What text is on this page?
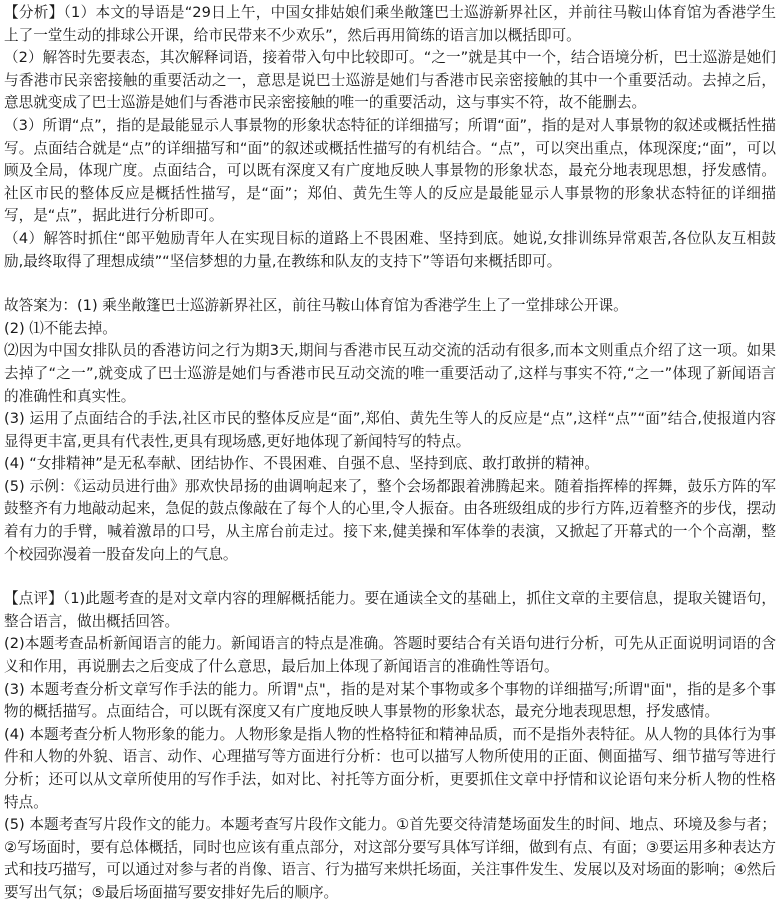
【分析】（1）本文的导语是“29日上午，中国女排姑娘们乘坐敞篷巴士巡游新界社区，并前往马鞍山体育馆为香港学生上了一堂生动的排球公开课，给市民带来不少欢乐”，然后再用简练的语言加以概括即可。

（2）解答时先要表态，其次解释词语，接着带入句中比较即可。“之一”就是其中一个，结合语境分析，巴士巡游是她们与香港市民亲密接触的重要活动之一，意思是说巴士巡游是她们与香港市民亲密接触的其中一个重要活动。去掉之后，意思就变成了巴士巡游是她们与香港市民亲密接触的唯一的重要活动，这与事实不符，故不能删去。

（3）所谓“点”，指的是最能显示人事景物的形象状态特征的详细描写；所谓“面”，指的是对人事景物的叙述或概括性描写。点面结合就是“点”的详细描写和“面”的叙述或概括性描写的有机结合。“点”，可以突出重点，体现深度;“面”，可以顾及全局，体现广度。点面结合，可以既有深度又有广度地反映人事景物的形象状态，最充分地表现思想，抒发感情。社区市民的整体反应是概括性描写，是“面”；郑伯、黄先生等人的反应是最能显示人事景物的形象状态特征的详细描写，是“点”，据此进行分析即可。

（4）解答时抓住“郎平勉励青年人在实现目标的道路上不畏困难、坚持到底。她说,女排训练异常艰苦,各位队友互相鼓励,最终取得了理想成绩”“坚信梦想的力量,在教练和队友的支持下”等语句来概括即可。

故答案为：(1) 乘坐敞篷巴士巡游新界社区，前往马鞍山体育馆为香港学生上了一堂排球公开课。

(2) ⑴不能去掉。

⑵因为中国女排队员的香港访问之行为期3天,期间与香港市民互动交流的活动有很多,而本文则重点介绍了这一项。如果去掉了“之一”,就变成了巴士巡游是她们与香港市民互动交流的唯一重要活动了,这样与事实不符,“之一”体现了新闻语言的准确性和真实性。

(3) 运用了点面结合的手法,社区市民的整体反应是“面”,郑伯、黄先生等人的反应是“点”,这样“点”“面”结合,使报道内容显得更丰富,更具有代表性,更具有现场感,更好地体现了新闻特写的特点。

(4) “女排精神”是无私奉献、团结协作、不畏困难、自强不息、坚持到底、敢打敢拼的精神。

(5) 示例：《运动员进行曲》那欢快昂扬的曲调响起来了，整个会场都跟着沸腾起来。随着指挥棒的挥舞，鼓乐方阵的军鼓整齐有力地敲动起来，急促的鼓点像敲在了每个人的心里,令人振奋。由各班级组成的步行方阵,迈着整齐的步伐，摆动着有力的手臂，喊着激昂的口号，从主席台前走过。接下来,健美操和军体拳的表演，又掀起了开幕式的一个个高潮，整个校园弥漫着一股奋发向上的气息。

【点评】（1)此题考查的是对文章内容的理解概括能力。要在通读全文的基础上，抓住文章的主要信息，提取关键语句，整合语言，做出概括回答。

(2)本题考查品析新闻语言的能力。新闻语言的特点是准确。答题时要结合有关语句进行分析，可先从正面说明词语的含义和作用，再说删去之后变成了什么意思，最后加上体现了新闻语言的准确性等语句。

(3) 本题考查分析文章写作手法的能力。所谓"点"，指的是对某个事物或多个事物的详细描写;所谓"面"，指的是多个事物的概括描写。点面结合，可以既有深度又有广度地反映人事景物的形象状态，最充分地表现思想，抒发感情。

(4) 本题考查分析人物形象的能力。人物形象是指人物的性格特征和精神品质，而不是指外表特征。从人物的具体行为事件和人物的外貌、语言、动作、心理描写等方面进行分析：也可以描写人物所使用的正面、侧面描写、细节描写等进行分析；还可以从文章所使用的写作手法，如对比、衬托等方面分析，更要抓住文章中抒情和议论语句来分析人物的性格特点。

(5) 本题考查写片段作文的能力。本题考查写片段作文能力。①首先要交待清楚场面发生的时间、地点、环境及参与者；②写场面时，要有总体概括，同时也应该有重点部分，对这部分要写具体写详细，做到有点、有面；③要运用多种表达方式和技巧描写，可以通过对参与者的肖像、语言、行为描写来烘托场面，关注事件发生、发展以及对场面的影响；④然后要写出气氛；⑤最后场面描写要安排好先后的顺序。
